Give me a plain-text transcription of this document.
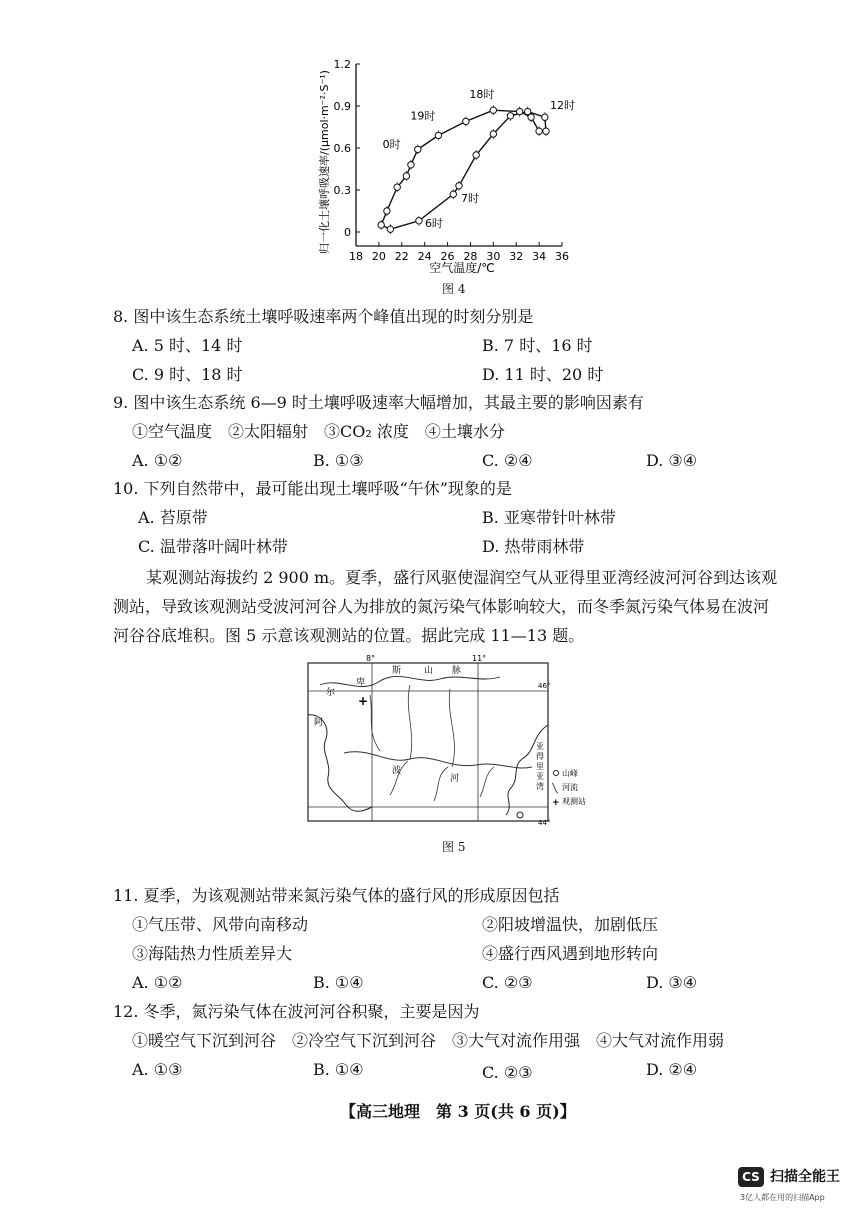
18 20 22 24 26 28 30 32 34 36
0
0.3
0.6
0.9
1.2
0时
19时
18时
12时
7时
6时
空气温度/℃
归一化土壤呼吸速率/(μmol·m⁻²·S⁻¹)
图 4
8. 图中该生态系统土壤呼吸速率两个峰值出现的时刻分别是
A. 5 时、14 时	B. 7 时、16 时
C. 9 时、18 时	D. 11 时、20 时
9. 图中该生态系统 6—9 时土壤呼吸速率大幅增加，其最主要的影响因素有
①空气温度　②太阳辐射　③CO₂ 浓度　④土壤水分
A. ①②	B. ①③	C. ②④	D. ③④
10. 下列自然带中，最可能出现土壤呼吸“午休”现象的是
A. 苔原带	B. 亚寒带针叶林带
C. 温带落叶阔叶林带	D. 热带雨林带
某观测站海拔约 2 900 m。夏季，盛行风驱使湿润空气从亚得里亚湾经波河河谷到达该观
测站，导致该观测站受波河河谷人为排放的氮污染气体影响较大，而冬季氮污染气体易在波河
河谷谷底堆积。图 5 示意该观测站的位置。据此完成 11—13 题。
+
8°	11°
46°
44°
阿
尔
卑
斯	山 脉
波
河
亚
得
里
亚
湾
山峰
河流
+ 观测站
图 5
11. 夏季，为该观测站带来氮污染气体的盛行风的形成原因包括
①气压带、风带向南移动	②阳坡增温快，加剧低压
③海陆热力性质差异大	④盛行西风遇到地形转向
A. ①②	B. ①④	C. ②③	D. ③④
12. 冬季，氮污染气体在波河河谷积聚，主要是因为
①暖空气下沉到河谷　②冷空气下沉到河谷　③大气对流作用强　④大气对流作用弱
A. ①③	B. ①④	C. ②③	D. ②④
【高三地理　第 3 页(共 6 页)】
CS 扫描全能王
3亿人都在用的扫描App
